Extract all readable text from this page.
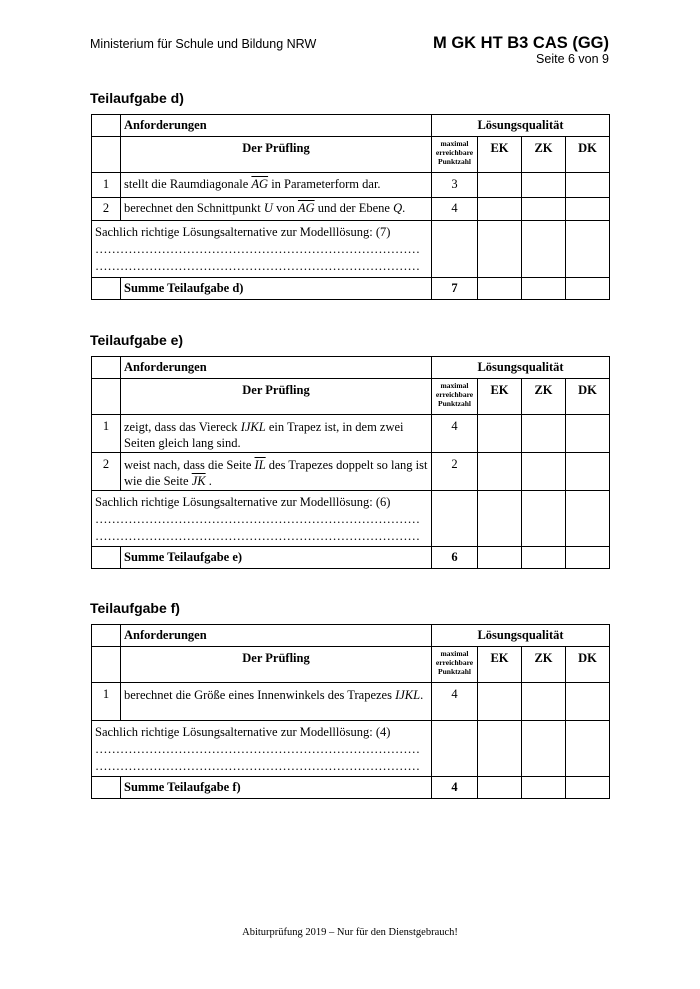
Ministerium für Schule und Bildung NRW	M GK HT B3 CAS (GG)
Seite 6 von 9
Teilaufgabe d)
	Anforderungen	Lösungsqualität			
	Der Prüfling	maximal erreichbare Punktzahl	EK	ZK	DK
1	stellt die Raumdiagonale $\overline{AG}$ in Parameterform dar.	3			
2	berechnet den Schnittpunkt U von $\overline{AG}$ und der Ebene Q.	4			
Sachlich richtige Lösungsalternative zur Modelllösung: (7)
……………………………………………………………………
……………………………………………………………………					

	Summe Teilaufgabe d)	7			
Teilaufgabe e)
	Anforderungen	Lösungsqualität			
	Der Prüfling	maximal erreichbare Punktzahl	EK	ZK	DK
1	zeigt, dass das Viereck IJKL ein Trapez ist, in dem zwei Seiten gleich lang sind.	4			
2	weist nach, dass die Seite $\overline{IL}$ des Trapezes doppelt so lang ist wie die Seite $\overline{JK}$ .	2			
Sachlich richtige Lösungsalternative zur Modelllösung: (6)
……………………………………………………………………
……………………………………………………………………					

	Summe Teilaufgabe e)	6			
Teilaufgabe f)
	Anforderungen	Lösungsqualität			
	Der Prüfling	maximal erreichbare Punktzahl	EK	ZK	DK
1	berechnet die Größe eines Innenwinkels des Trapezes IJKL.	4			
Sachlich richtige Lösungsalternative zur Modelllösung: (4)
……………………………………………………………………
……………………………………………………………………					

	Summe Teilaufgabe f)	4			
Abiturprüfung 2019 – Nur für den Dienstgebrauch!
